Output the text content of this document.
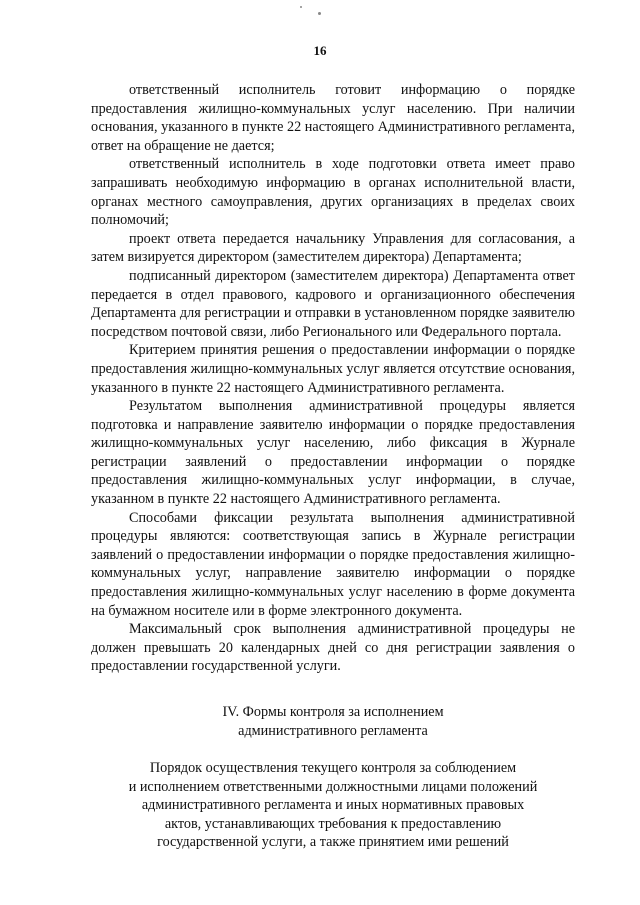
16

ответственный исполнитель готовит информацию о порядке предоставления жилищно-коммунальных услуг населению. При наличии основания, указанного в пункте 22 настоящего Административного регламента, ответ на обращение не дается;

ответственный исполнитель в ходе подготовки ответа имеет право запрашивать необходимую информацию в органах исполнительной власти, органах местного самоуправления, других организациях в пределах своих полномочий;

проект ответа передается начальнику Управления для согласования, а затем визируется директором (заместителем директора) Департамента;

подписанный директором (заместителем директора) Департамента ответ передается в отдел правового, кадрового и организационного обеспечения Департамента для регистрации и отправки в установленном порядке заявителю посредством почтовой связи, либо Регионального или Федерального портала.

Критерием принятия решения о предоставлении информации о порядке предоставления жилищно-коммунальных услуг является отсутствие основания, указанного в пункте 22 настоящего Административного регламента.

Результатом выполнения административной процедуры является подготовка и направление заявителю информации о порядке предоставления жилищно-коммунальных услуг населению, либо фиксация в Журнале регистрации заявлений о предоставлении информации о порядке предоставления жилищно-коммунальных услуг информации, в случае, указанном в пункте 22 настоящего Административного регламента.

Способами фиксации результата выполнения административной процедуры являются: соответствующая запись в Журнале регистрации заявлений о предоставлении информации о порядке предоставления жилищно-коммунальных услуг, направление заявителю информации о порядке предоставления жилищно-коммунальных услуг населению в форме документа на бумажном носителе или в форме электронного документа.

Максимальный срок выполнения административной процедуры не должен превышать 20 календарных дней со дня регистрации заявления о предоставлении государственной услуги.

IV. Формы контроля за исполнением
административного регламента
Порядок осуществления текущего контроля за соблюдением
и исполнением ответственными должностными лицами положений
административного регламента и иных нормативных правовых
актов, устанавливающих требования к предоставлению
государственной услуги, а также принятием ими решений
